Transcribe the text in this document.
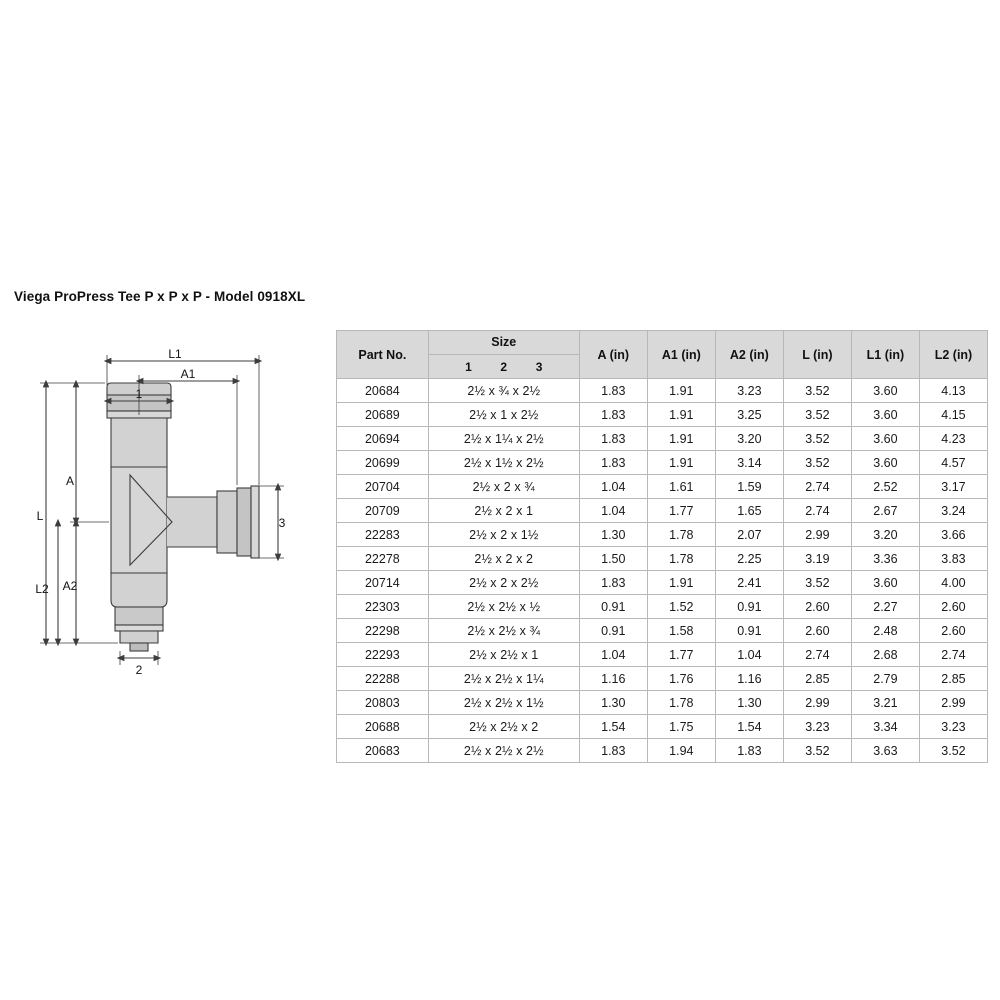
Viega ProPress Tee P x P x P - Model 0918XL
L1
A1
1
L
A
A2
L2
3
2
Part No.	Size	A (in)	A1 (in)	A2 (in)	L (in)	L1 (in)	L2 (in)

	1 2 3						

20684	2½ x ¾ x 2½	1.83	1.91	3.23	3.52	3.60	4.13
20689	2½ x 1 x 2½	1.83	1.91	3.25	3.52	3.60	4.15
20694	2½ x 1¼ x 2½	1.83	1.91	3.20	3.52	3.60	4.23
20699	2½ x 1½ x 2½	1.83	1.91	3.14	3.52	3.60	4.57
20704	2½ x 2 x ¾	1.04	1.61	1.59	2.74	2.52	3.17
20709	2½ x 2 x 1	1.04	1.77	1.65	2.74	2.67	3.24
22283	2½ x 2 x 1½	1.30	1.78	2.07	2.99	3.20	3.66
22278	2½ x 2 x 2	1.50	1.78	2.25	3.19	3.36	3.83
20714	2½ x 2 x 2½	1.83	1.91	2.41	3.52	3.60	4.00
22303	2½ x 2½ x ½	0.91	1.52	0.91	2.60	2.27	2.60
22298	2½ x 2½ x ¾	0.91	1.58	0.91	2.60	2.48	2.60
22293	2½ x 2½ x 1	1.04	1.77	1.04	2.74	2.68	2.74
22288	2½ x 2½ x 1¼	1.16	1.76	1.16	2.85	2.79	2.85
20803	2½ x 2½ x 1½	1.30	1.78	1.30	2.99	3.21	2.99
20688	2½ x 2½ x 2	1.54	1.75	1.54	3.23	3.34	3.23
20683	2½ x 2½ x 2½	1.83	1.94	1.83	3.52	3.63	3.52
